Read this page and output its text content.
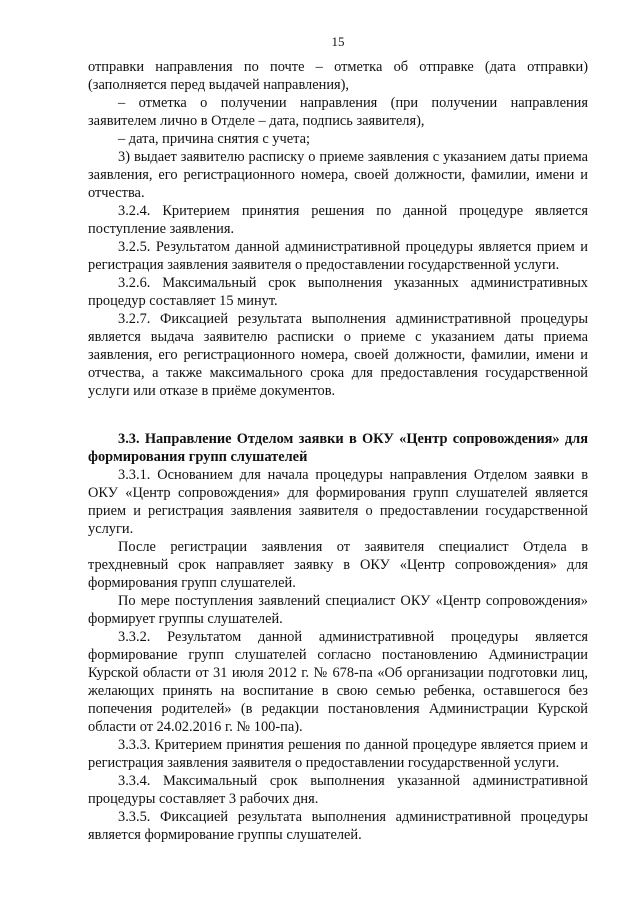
15

отправки направления по почте – отметка об отправке (дата отправки) (заполняется перед выдачей направления),

– отметка о получении направления (при получении направления заявителем лично в Отделе – дата, подпись заявителя),

– дата, причина снятия с учета;

3) выдает заявителю расписку о приеме заявления с указанием даты приема заявления, его регистрационного номера, своей должности, фамилии, имени и отчества.

3.2.4. Критерием принятия решения по данной процедуре является поступление заявления.

3.2.5. Результатом данной административной процедуры является прием и регистрация заявления заявителя о предоставлении государственной услуги.

3.2.6. Максимальный срок выполнения указанных административных процедур составляет 15 минут.

3.2.7. Фиксацией результата выполнения административной процедуры является выдача заявителю расписки о приеме с указанием даты приема заявления, его регистрационного номера, своей должности, фамилии, имени и отчества, а также максимального срока для предоставления государственной услуги или отказе в приёме документов.

3.3. Направление Отделом заявки в ОКУ «Центр сопровождения» для формирования групп слушателей

3.3.1. Основанием для начала процедуры направления Отделом заявки в ОКУ «Центр сопровождения» для формирования групп слушателей является прием и регистрация заявления заявителя о предоставлении государственной услуги.

После регистрации заявления от заявителя специалист Отдела в трехдневный срок направляет заявку в ОКУ «Центр сопровождения» для формирования групп слушателей.

По мере поступления заявлений специалист ОКУ «Центр сопровождения» формирует группы слушателей.

3.3.2. Результатом данной административной процедуры является формирование групп слушателей согласно постановлению Администрации Курской области от 31 июля 2012 г. № 678-па «Об организации подготовки лиц, желающих принять на воспитание в свою семью ребенка, оставшегося без попечения родителей» (в редакции постановления Администрации Курской области от 24.02.2016 г. № 100-па).

3.3.3. Критерием принятия решения по данной процедуре является прием и регистрация заявления заявителя о предоставлении государственной услуги.

3.3.4. Максимальный срок выполнения указанной административной процедуры составляет 3 рабочих дня.

3.3.5. Фиксацией результата выполнения административной процедуры является формирование группы слушателей.
